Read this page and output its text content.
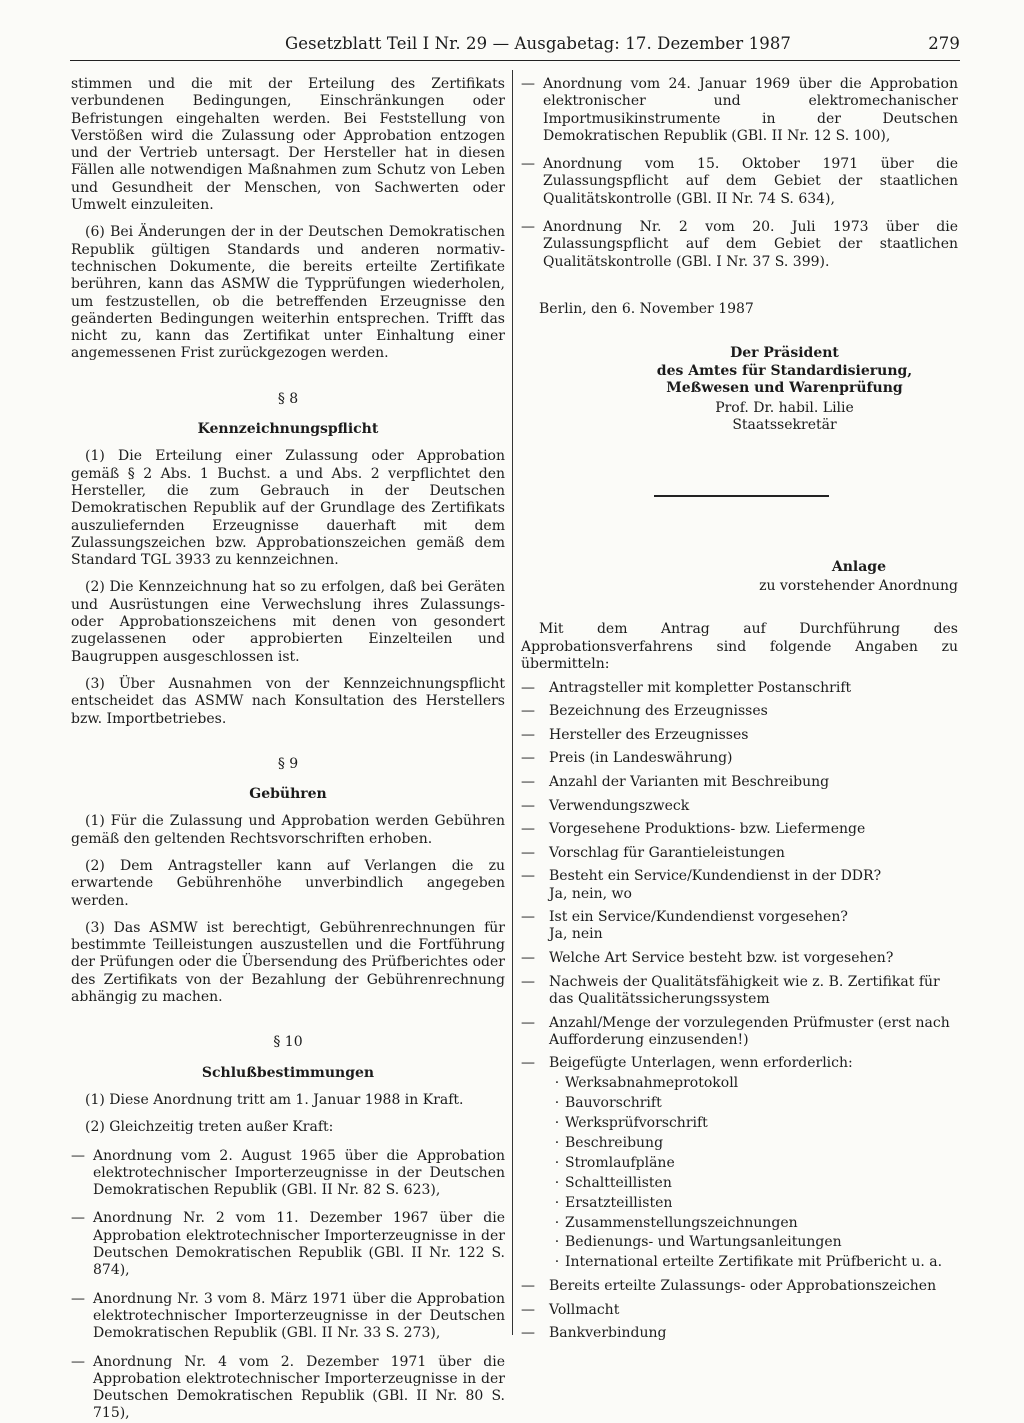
Gesetzblatt Teil I Nr. 29 — Ausgabetag: 17. Dezember 1987	279

stimmen und die mit der Erteilung des Zertifikats verbundenen Bedingungen, Einschränkungen oder Befristungen eingehalten werden. Bei Feststellung von Verstößen wird die Zulassung oder Approbation entzogen und der Vertrieb untersagt. Der Hersteller hat in diesen Fällen alle notwendigen Maßnahmen zum Schutz von Leben und Gesundheit der Menschen, von Sachwerten oder Umwelt einzuleiten.

(6) Bei Änderungen der in der Deutschen Demokratischen Republik gültigen Standards und anderen normativ-technischen Dokumente, die bereits erteilte Zertifikate berühren, kann das ASMW die Typprüfungen wiederholen, um festzustellen, ob die betreffenden Erzeugnisse den geänderten Bedingungen weiterhin entsprechen. Trifft das nicht zu, kann das Zertifikat unter Einhaltung einer angemessenen Frist zurückgezogen werden.

§ 8

Kennzeichnungspflicht

(1) Die Erteilung einer Zulassung oder Approbation gemäß § 2 Abs. 1 Buchst. a und Abs. 2 verpflichtet den Hersteller, die zum Gebrauch in der Deutschen Demokratischen Republik auf der Grundlage des Zertifikats auszuliefernden Erzeugnisse dauerhaft mit dem Zulassungszeichen bzw. Approbationszeichen gemäß dem Standard TGL 3933 zu kennzeichnen.

(2) Die Kennzeichnung hat so zu erfolgen, daß bei Geräten und Ausrüstungen eine Verwechslung ihres Zulassungs- oder Approbationszeichens mit denen von gesondert zugelassenen oder approbierten Einzelteilen und Baugruppen ausgeschlossen ist.

(3) Über Ausnahmen von der Kennzeichnungspflicht entscheidet das ASMW nach Konsultation des Herstellers bzw. Importbetriebes.

§ 9

Gebühren

(1) Für die Zulassung und Approbation werden Gebühren gemäß den geltenden Rechtsvorschriften erhoben.

(2) Dem Antragsteller kann auf Verlangen die zu erwartende Gebührenhöhe unverbindlich angegeben werden.

(3) Das ASMW ist berechtigt, Gebührenrechnungen für bestimmte Teilleistungen auszustellen und die Fortführung der Prüfungen oder die Übersendung des Prüfberichtes oder des Zertifikats von der Bezahlung der Gebührenrechnung abhängig zu machen.

§ 10

Schlußbestimmungen

(1) Diese Anordnung tritt am 1. Januar 1988 in Kraft.

(2) Gleichzeitig treten außer Kraft:

— Anordnung vom 2. August 1965 über die Approbation elektrotechnischer Importerzeugnisse in der Deutschen Demokratischen Republik (GBl. II Nr. 82 S. 623),
— Anordnung Nr. 2 vom 11. Dezember 1967 über die Approbation elektrotechnischer Importerzeugnisse in der Deutschen Demokratischen Republik (GBl. II Nr. 122 S. 874),
— Anordnung Nr. 3 vom 8. März 1971 über die Approbation elektrotechnischer Importerzeugnisse in der Deutschen Demokratischen Republik (GBl. II Nr. 33 S. 273),
— Anordnung Nr. 4 vom 2. Dezember 1971 über die Approbation elektrotechnischer Importerzeugnisse in der Deutschen Demokratischen Republik (GBl. II Nr. 80 S. 715),
— Anordnung vom 24. Januar 1969 über die Approbation elektronischer und elektromechanischer Importmusikinstrumente in der Deutschen Demokratischen Republik (GBl. II Nr. 12 S. 100),
— Anordnung vom 15. Oktober 1971 über die Zulassungspflicht auf dem Gebiet der staatlichen Qualitätskontrolle (GBl. II Nr. 74 S. 634),
— Anordnung Nr. 2 vom 20. Juli 1973 über die Zulassungspflicht auf dem Gebiet der staatlichen Qualitätskontrolle (GBl. I Nr. 37 S. 399).

Berlin, den 6. November 1987

Der Präsident
des Amtes für Standardisierung,
Meßwesen und Warenprüfung
Prof. Dr. habil. Lilie
Staatssekretär

Anlage

zu vorstehender Anordnung

Mit dem Antrag auf Durchführung des Approbationsverfahrens sind folgende Angaben zu übermitteln:

—	Antragsteller mit kompletter Postanschrift
—	Bezeichnung des Erzeugnisses
—	Hersteller des Erzeugnisses
—	Preis (in Landeswährung)
—	Anzahl der Varianten mit Beschreibung
—	Verwendungszweck
—	Vorgesehene Produktions- bzw. Liefermenge
—	Vorschlag für Garantieleistungen
—	Besteht ein Service/Kundendienst in der DDR?
Ja, nein, wo
—	Ist ein Service/Kundendienst vorgesehen?
Ja, nein
—	Welche Art Service besteht bzw. ist vorgesehen?
—	Nachweis der Qualitätsfähigkeit wie z. B. Zertifikat für das Qualitätssicherungssystem
—	Anzahl/Menge der vorzulegenden Prüfmuster (erst nach Aufforderung einzusenden!)
—	Beigefügte Unterlagen, wenn erforderlich:
· Werksabnahmeprotokoll
· Bauvorschrift
· Werksprüfvorschrift
· Beschreibung
· Stromlaufpläne
· Schaltteillisten
· Ersatzteillisten
· Zusammenstellungszeichnungen
· Bedienungs- und Wartungsanleitungen
· International erteilte Zertifikate mit Prüfbericht u. a.
—	Bereits erteilte Zulassungs- oder Approbationszeichen
—	Vollmacht
—	Bankverbindung
